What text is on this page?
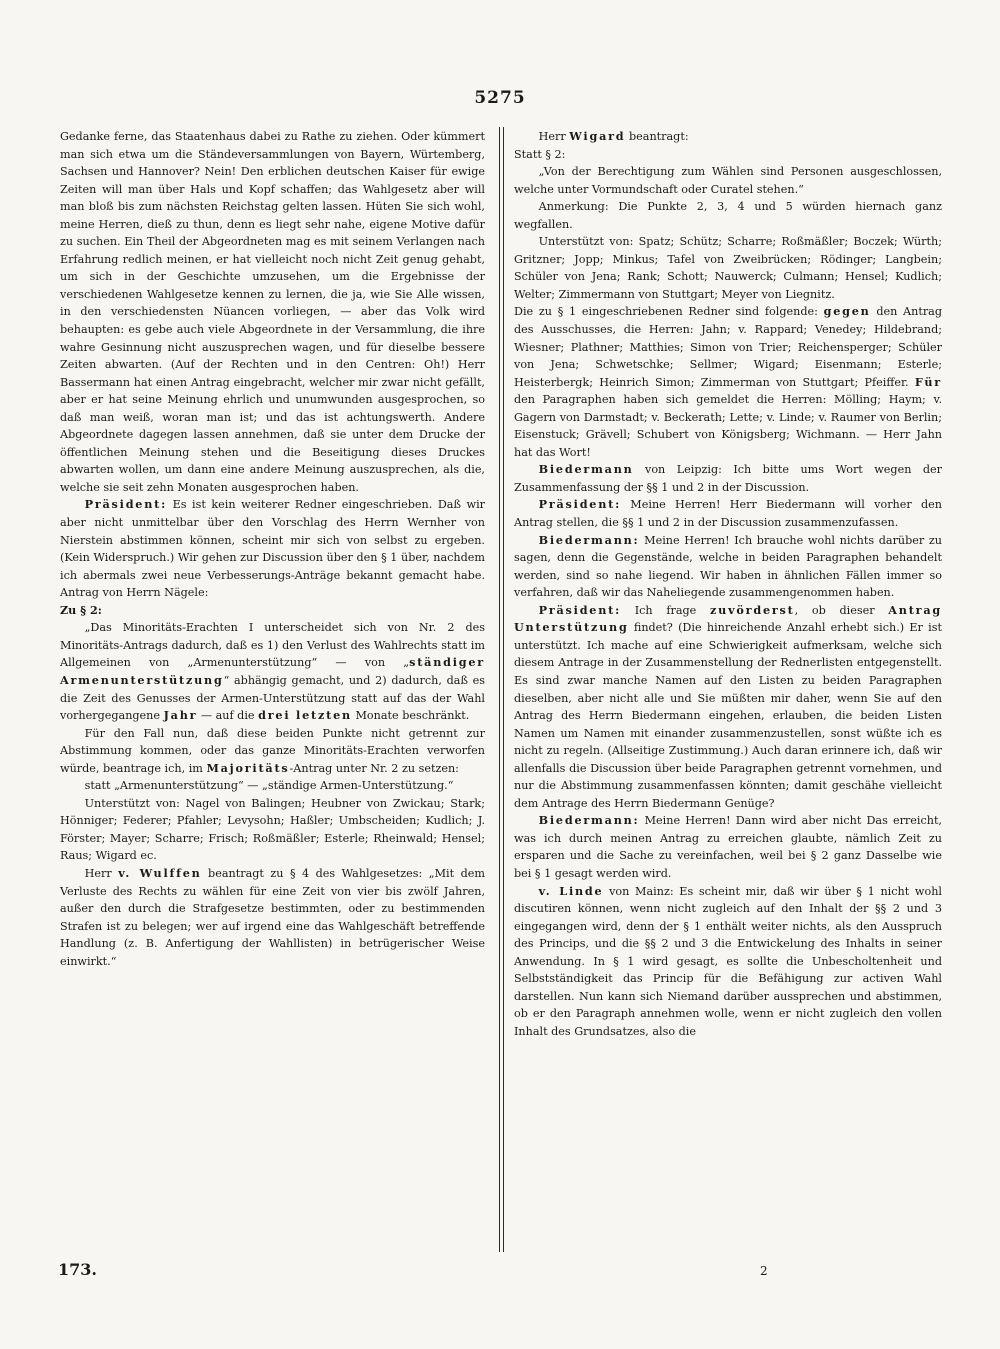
5275

Gedanke ferne, das Staatenhaus dabei zu Rathe zu ziehen. Oder kümmert man sich etwa um die Ständeversammlungen von Bayern, Würtemberg, Sachsen und Hannover? Nein! Den erblichen deutschen Kaiser für ewige Zeiten will man über Hals und Kopf schaffen; das Wahlgesetz aber will man bloß bis zum nächsten Reichstag gelten lassen. Hüten Sie sich wohl, meine Herren, dieß zu thun, denn es liegt sehr nahe, eigene Motive dafür zu suchen. Ein Theil der Abgeordneten mag es mit seinem Verlangen nach Erfahrung redlich meinen, er hat vielleicht noch nicht Zeit genug gehabt, um sich in der Geschichte umzusehen, um die Ergebnisse der verschiedenen Wahlgesetze kennen zu lernen, die ja, wie Sie Alle wissen, in den verschiedensten Nüancen vorliegen, — aber das Volk wird behaupten: es gebe auch viele Abgeordnete in der Versammlung, die ihre wahre Gesinnung nicht auszusprechen wagen, und für dieselbe bessere Zeiten abwarten. (Auf der Rechten und in den Centren: Oh!) Herr Bassermann hat einen Antrag eingebracht, welcher mir zwar nicht gefällt, aber er hat seine Meinung ehrlich und unumwunden ausgesprochen, so daß man weiß, woran man ist; und das ist achtungswerth. Andere Abgeordnete dagegen lassen annehmen, daß sie unter dem Drucke der öffentlichen Meinung stehen und die Beseitigung dieses Druckes abwarten wollen, um dann eine andere Meinung auszusprechen, als die, welche sie seit zehn Monaten ausgesprochen haben.

Präsident: Es ist kein weiterer Redner eingeschrieben. Daß wir aber nicht unmittelbar über den Vorschlag des Herrn Wernher von Nierstein abstimmen können, scheint mir sich von selbst zu ergeben. (Kein Widerspruch.) Wir gehen zur Discussion über den § 1 über, nachdem ich abermals zwei neue Verbesserungs-Anträge bekannt gemacht habe. Antrag von Herrn Nägele:

Zu § 2:

„Das Minoritäts-Erachten I unterscheidet sich von Nr. 2 des Minoritäts-Antrags dadurch, daß es 1) den Verlust des Wahlrechts statt im Allgemeinen von „Armenunterstützung“ — von „ständiger Armenunterstützung“ abhängig gemacht, und 2) dadurch, daß es die Zeit des Genusses der Armen-Unterstützung statt auf das der Wahl vorhergegangene Jahr — auf die drei letzten Monate beschränkt.

Für den Fall nun, daß diese beiden Punkte nicht getrennt zur Abstimmung kommen, oder das ganze Minoritäts-Erachten verworfen würde, beantrage ich, im Majoritäts-Antrag unter Nr. 2 zu setzen:

statt „Armenunterstützung“ — „ständige Armen-Unterstützung.“

Unterstützt von: Nagel von Balingen; Heubner von Zwickau; Stark; Hönniger; Federer; Pfahler; Levysohn; Haßler; Umbscheiden; Kudlich; J. Förster; Mayer; Scharre; Frisch; Roßmäßler; Esterle; Rheinwald; Hensel; Raus; Wigard ec.

Herr v. Wulffen beantragt zu § 4 des Wahlgesetzes: „Mit dem Verluste des Rechts zu wählen für eine Zeit von vier bis zwölf Jahren, außer den durch die Strafgesetze bestimmten, oder zu bestimmenden Strafen ist zu belegen; wer auf irgend eine das Wahlgeschäft betreffende Handlung (z. B. Anfertigung der Wahllisten) in betrügerischer Weise einwirkt.“

Herr Wigard beantragt:

Statt § 2:

„Von der Berechtigung zum Wählen sind Personen ausgeschlossen, welche unter Vormundschaft oder Curatel stehen.“

Anmerkung: Die Punkte 2, 3, 4 und 5 würden hiernach ganz wegfallen.

Unterstützt von: Spatz; Schütz; Scharre; Roßmäßler; Boczek; Würth; Gritzner; Jopp; Minkus; Tafel von Zweibrücken; Rödinger; Langbein; Schüler von Jena; Rank; Schott; Nauwerck; Culmann; Hensel; Kudlich; Welter; Zimmermann von Stuttgart; Meyer von Liegnitz.

Die zu § 1 eingeschriebenen Redner sind folgende: gegen den Antrag des Ausschusses, die Herren: Jahn; v. Rappard; Venedey; Hildebrand; Wiesner; Plathner; Matthies; Simon von Trier; Reichensperger; Schüler von Jena; Schwetschke; Sellmer; Wigard; Eisenmann; Esterle; Heisterbergk; Heinrich Simon; Zimmerman von Stuttgart; Pfeiffer. Für den Paragraphen haben sich gemeldet die Herren: Mölling; Haym; v. Gagern von Darmstadt; v. Beckerath; Lette; v. Linde; v. Raumer von Berlin; Eisenstuck; Grävell; Schubert von Königsberg; Wichmann. — Herr Jahn hat das Wort!

Biedermann von Leipzig: Ich bitte ums Wort wegen der Zusammenfassung der §§ 1 und 2 in der Discussion.

Präsident: Meine Herren! Herr Biedermann will vorher den Antrag stellen, die §§ 1 und 2 in der Discussion zusammenzufassen.

Biedermann: Meine Herren! Ich brauche wohl nichts darüber zu sagen, denn die Gegenstände, welche in beiden Paragraphen behandelt werden, sind so nahe liegend. Wir haben in ähnlichen Fällen immer so verfahren, daß wir das Naheliegende zusammengenommen haben.

Präsident: Ich frage zuvörderst, ob dieser Antrag Unterstützung findet? (Die hinreichende Anzahl erhebt sich.) Er ist unterstützt. Ich mache auf eine Schwierigkeit aufmerksam, welche sich diesem Antrage in der Zusammenstellung der Rednerlisten entgegenstellt. Es sind zwar manche Namen auf den Listen zu beiden Paragraphen dieselben, aber nicht alle und Sie müßten mir daher, wenn Sie auf den Antrag des Herrn Biedermann eingehen, erlauben, die beiden Listen Namen um Namen mit einander zusammenzustellen, sonst wüßte ich es nicht zu regeln. (Allseitige Zustimmung.) Auch daran erinnere ich, daß wir allenfalls die Discussion über beide Paragraphen getrennt vornehmen, und nur die Abstimmung zusammenfassen könnten; damit geschähe vielleicht dem Antrage des Herrn Biedermann Genüge?

Biedermann: Meine Herren! Dann wird aber nicht Das erreicht, was ich durch meinen Antrag zu erreichen glaubte, nämlich Zeit zu ersparen und die Sache zu vereinfachen, weil bei § 2 ganz Dasselbe wie bei § 1 gesagt werden wird.

v. Linde von Mainz: Es scheint mir, daß wir über § 1 nicht wohl discutiren können, wenn nicht zugleich auf den Inhalt der §§ 2 und 3 eingegangen wird, denn der § 1 enthält weiter nichts, als den Ausspruch des Princips, und die §§ 2 und 3 die Entwickelung des Inhalts in seiner Anwendung. In § 1 wird gesagt, es sollte die Unbescholtenheit und Selbstständigkeit das Princip für die Befähigung zur activen Wahl darstellen. Nun kann sich Niemand darüber aussprechen und abstimmen, ob er den Paragraph annehmen wolle, wenn er nicht zugleich den vollen Inhalt des Grundsatzes, also die

173.	2
